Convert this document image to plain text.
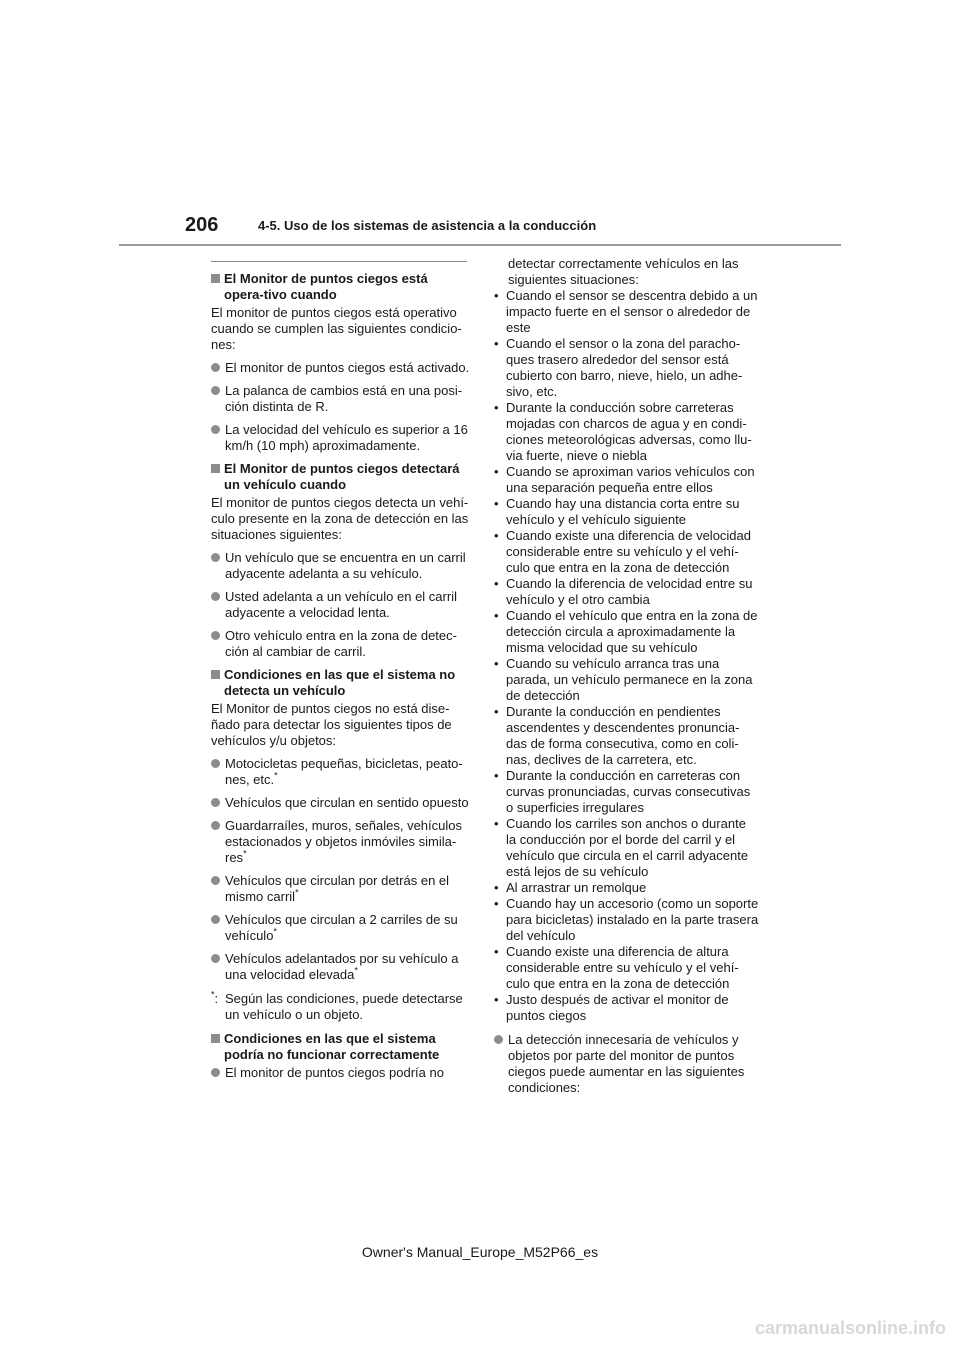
206	4-5. Uso de los sistemas de asistencia a la conducción
El Monitor de puntos ciegos está opera-tivo cuando
El monitor de puntos ciegos está operativo cuando se cumplen las siguientes condicio-nes:
El monitor de puntos ciegos está activado.
La palanca de cambios está en una posi-ción distinta de R.
La velocidad del vehículo es superior a 16 km/h (10 mph) aproximadamente.
El Monitor de puntos ciegos detectará un vehículo cuando
El monitor de puntos ciegos detecta un vehí-culo presente en la zona de detección en las situaciones siguientes:
Un vehículo que se encuentra en un carril adyacente adelanta a su vehículo.
Usted adelanta a un vehículo en el carril adyacente a velocidad lenta.
Otro vehículo entra en la zona de detec-ción al cambiar de carril.
Condiciones en las que el sistema no detecta un vehículo
El Monitor de puntos ciegos no está dise-ñado para detectar los siguientes tipos de vehículos y/u objetos:
Motocicletas pequeñas, bicicletas, peato-nes, etc.*
Vehículos que circulan en sentido opuesto
Guardarraíles, muros, señales, vehículos estacionados y objetos inmóviles simila-res*
Vehículos que circulan por detrás en el mismo carril*
Vehículos que circulan a 2 carriles de su vehículo*
Vehículos adelantados por su vehículo a una velocidad elevada*
*: Según las condiciones, puede detectarse un vehículo o un objeto.
Condiciones en las que el sistema podría no funcionar correctamente
El monitor de puntos ciegos podría no
detectar correctamente vehículos en las siguientes situaciones:
• Cuando el sensor se descentra debido a un impacto fuerte en el sensor o alrededor de este
• Cuando el sensor o la zona del paracho-ques trasero alrededor del sensor está cubierto con barro, nieve, hielo, un adhe-sivo, etc.
• Durante la conducción sobre carreteras mojadas con charcos de agua y en condi-ciones meteorológicas adversas, como llu-via fuerte, nieve o niebla
• Cuando se aproximan varios vehículos con una separación pequeña entre ellos
• Cuando hay una distancia corta entre su vehículo y el vehículo siguiente
• Cuando existe una diferencia de velocidad considerable entre su vehículo y el vehí-culo que entra en la zona de detección
• Cuando la diferencia de velocidad entre su vehículo y el otro cambia
• Cuando el vehículo que entra en la zona de detección circula a aproximadamente la misma velocidad que su vehículo
• Cuando su vehículo arranca tras una parada, un vehículo permanece en la zona de detección
• Durante la conducción en pendientes ascendentes y descendentes pronuncia-das de forma consecutiva, como en coli-nas, declives de la carretera, etc.
• Durante la conducción en carreteras con curvas pronunciadas, curvas consecutivas o superficies irregulares
• Cuando los carriles son anchos o durante la conducción por el borde del carril y el vehículo que circula en el carril adyacente está lejos de su vehículo
• Al arrastrar un remolque
• Cuando hay un accesorio (como un soporte para bicicletas) instalado en la parte trasera del vehículo
• Cuando existe una diferencia de altura considerable entre su vehículo y el vehí-culo que entra en la zona de detección
• Justo después de activar el monitor de puntos ciegos
La detección innecesaria de vehículos y objetos por parte del monitor de puntos ciegos puede aumentar en las siguientes condiciones:
Owner's Manual_Europe_M52P66_es
carmanualsonline.info
